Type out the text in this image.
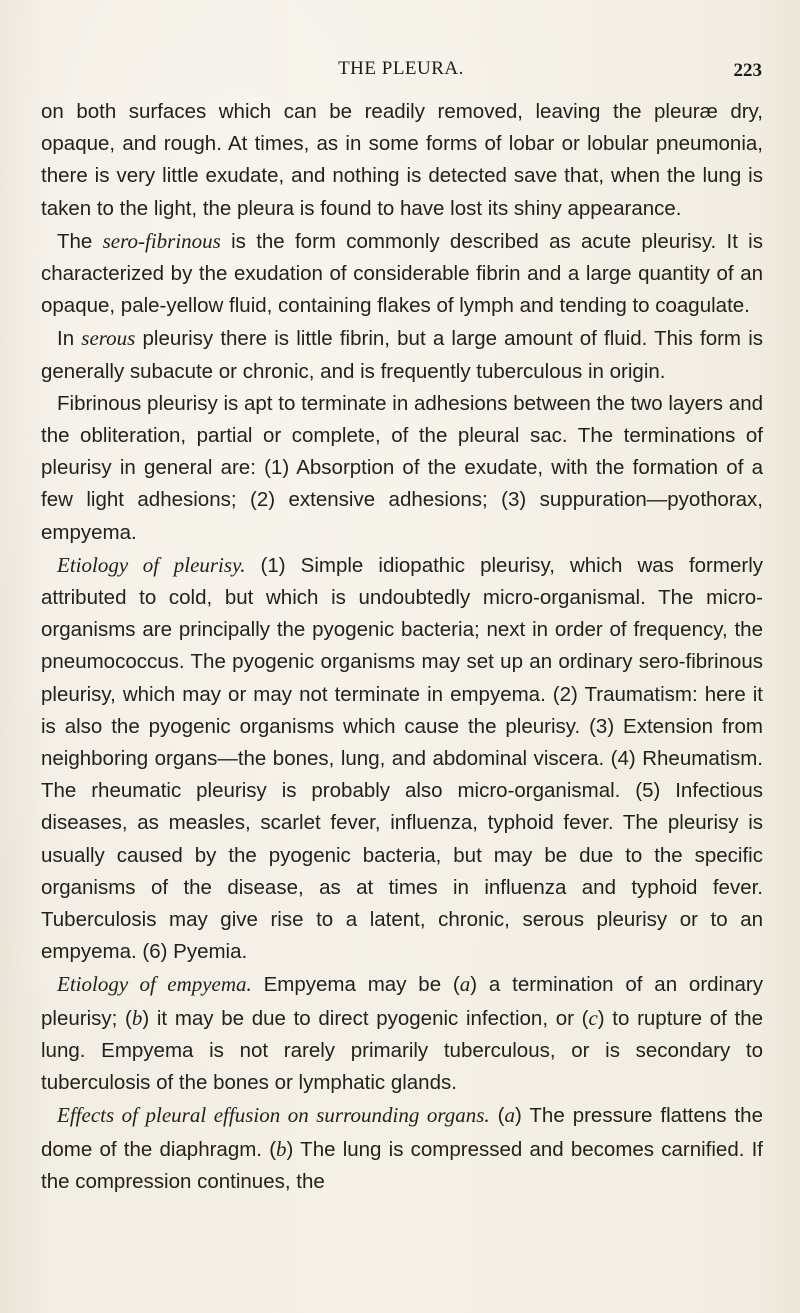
THE PLEURA.	223

on both surfaces which can be readily removed, leaving the pleuræ dry, opaque, and rough. At times, as in some forms of lobar or lobular pneumonia, there is very little exudate, and nothing is detected save that, when the lung is taken to the light, the pleura is found to have lost its shiny appearance.

The sero-fibrinous is the form commonly described as acute pleurisy. It is characterized by the exudation of considerable fibrin and a large quantity of an opaque, pale-yellow fluid, containing flakes of lymph and tending to coagulate.

In serous pleurisy there is little fibrin, but a large amount of fluid. This form is generally subacute or chronic, and is frequently tuberculous in origin.

Fibrinous pleurisy is apt to terminate in adhesions between the two layers and the obliteration, partial or complete, of the pleural sac. The terminations of pleurisy in general are: (1) Absorption of the exudate, with the formation of a few light adhesions; (2) extensive adhesions; (3) suppuration—pyothorax, empyema.

Etiology of pleurisy. (1) Simple idiopathic pleurisy, which was formerly attributed to cold, but which is undoubtedly micro-organismal. The micro-organisms are principally the pyogenic bacteria; next in order of frequency, the pneumococcus. The pyogenic organisms may set up an ordinary sero-fibrinous pleurisy, which may or may not terminate in empyema. (2) Traumatism: here it is also the pyogenic organisms which cause the pleurisy. (3) Extension from neighboring organs—the bones, lung, and abdominal viscera. (4) Rheumatism. The rheumatic pleurisy is probably also micro-organismal. (5) Infectious diseases, as measles, scarlet fever, influenza, typhoid fever. The pleurisy is usually caused by the pyogenic bacteria, but may be due to the specific organisms of the disease, as at times in influenza and typhoid fever. Tuberculosis may give rise to a latent, chronic, serous pleurisy or to an empyema. (6) Pyemia.

Etiology of empyema. Empyema may be (a) a termination of an ordinary pleurisy; (b) it may be due to direct pyogenic infection, or (c) to rupture of the lung. Empyema is not rarely primarily tuberculous, or is secondary to tuberculosis of the bones or lymphatic glands.

Effects of pleural effusion on surrounding organs. (a) The pressure flattens the dome of the diaphragm. (b) The lung is compressed and becomes carnified. If the compression continues, the
